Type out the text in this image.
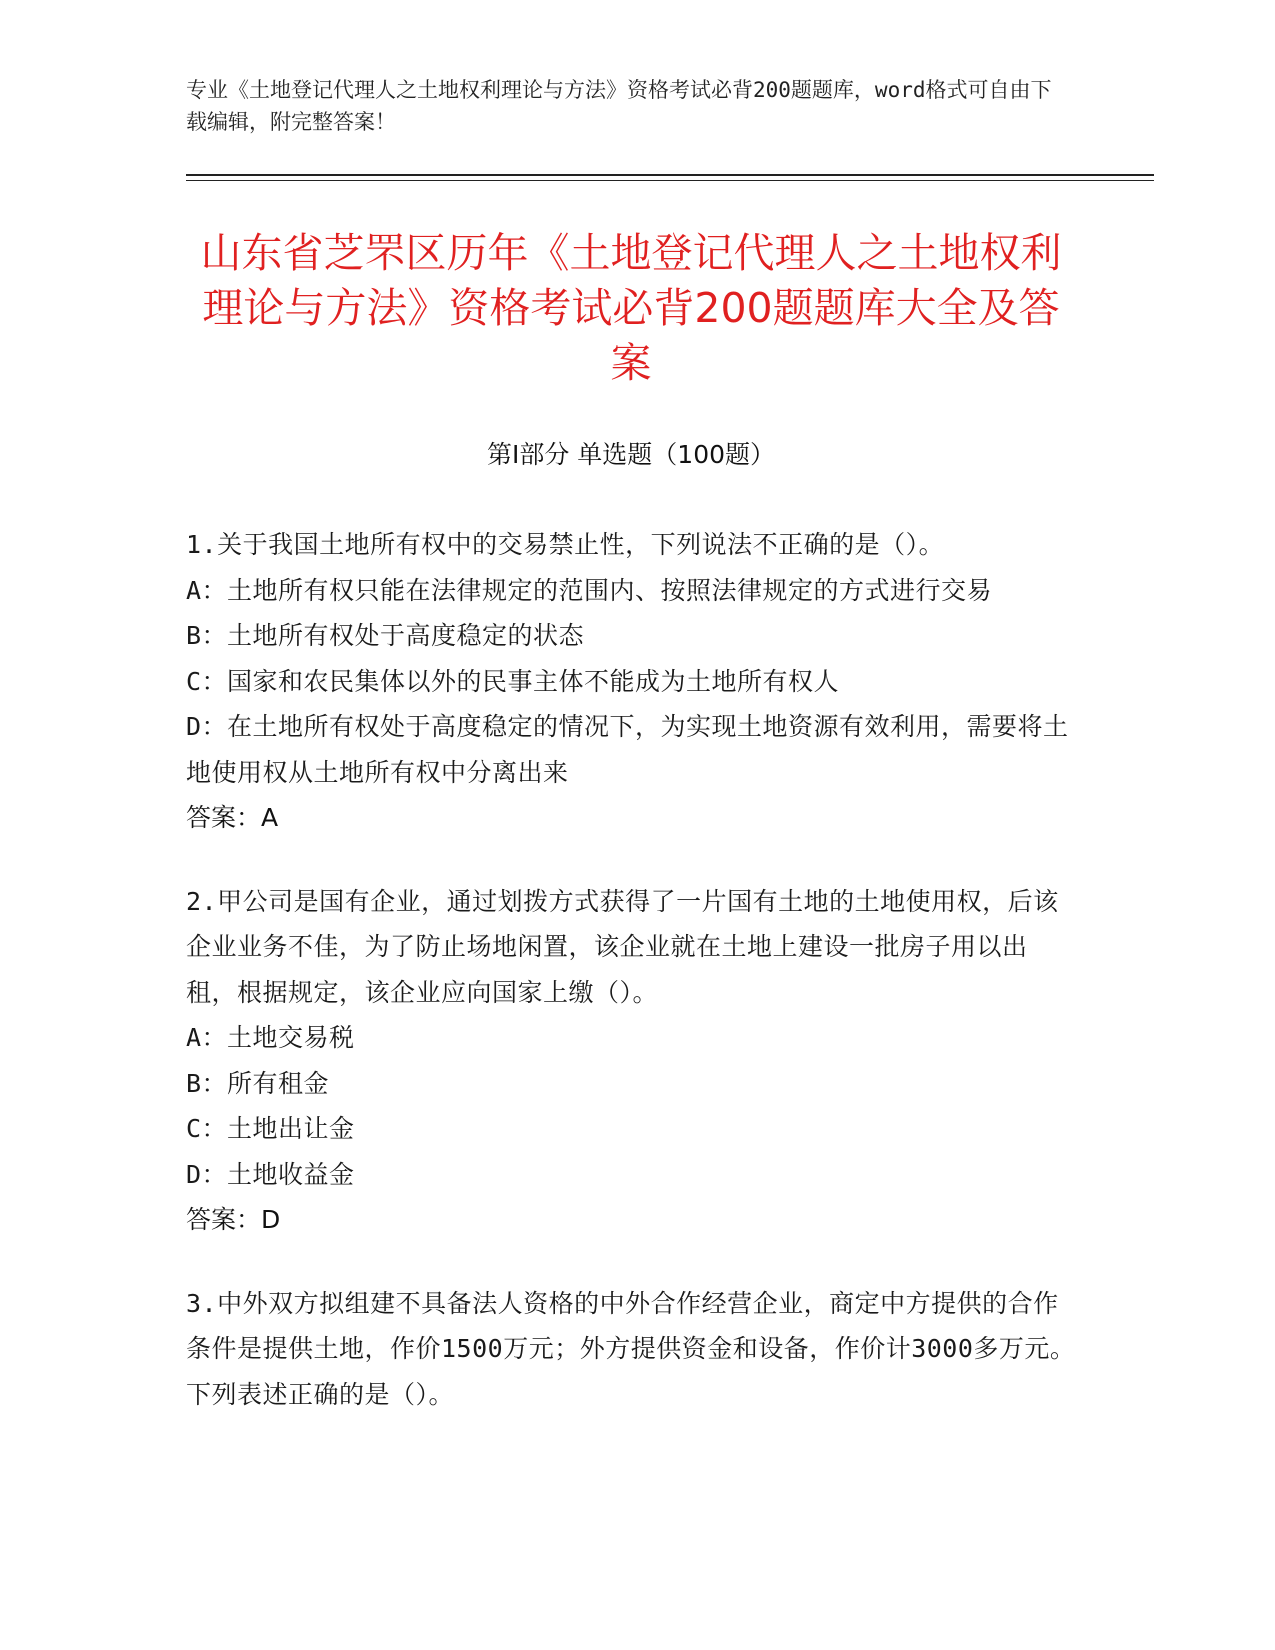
专业《土地登记代理人之土地权利理论与方法》资格考试必背200题题库，word格式可自由下载编辑，附完整答案！
山东省芝罘区历年《土地登记代理人之土地权利理论与方法》资格考试必背200题题库大全及答案
第Ⅰ部分 单选题（100题）

1.关于我国土地所有权中的交易禁止性，下列说法不正确的是（）。

A：土地所有权只能在法律规定的范围内、按照法律规定的方式进行交易

B：土地所有权处于高度稳定的状态

C：国家和农民集体以外的民事主体不能成为土地所有权人

D：在土地所有权处于高度稳定的情况下，为实现土地资源有效利用，需要将土地使用权从土地所有权中分离出来

答案：A

2.甲公司是国有企业，通过划拨方式获得了一片国有土地的土地使用权，后该企业业务不佳，为了防止场地闲置，该企业就在土地上建设一批房子用以出租，根据规定，该企业应向国家上缴（）。

A：土地交易税

B：所有租金

C：土地出让金

D：土地收益金

答案：D

3.中外双方拟组建不具备法人资格的中外合作经营企业，商定中方提供的合作条件是提供土地，作价1500万元；外方提供资金和设备，作价计3000多万元。下列表述正确的是（）。
